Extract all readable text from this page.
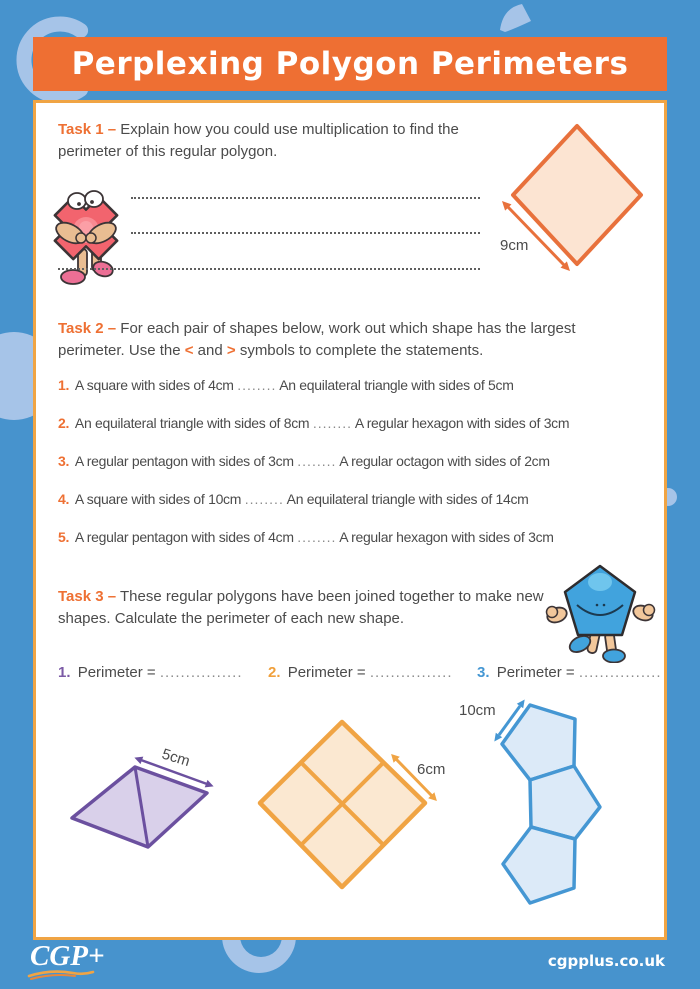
Perplexing Polygon Perimeters
Task 1 – Explain how you could use multiplication to find the perimeter of this regular polygon.
9cm
Task 2 – For each pair of shapes below, work out which shape has the largest perimeter. Use the < and > symbols to complete the statements.
1. A square with sides of 4cm ........ An equilateral triangle with sides of 5cm
2. An equilateral triangle with sides of 8cm ........ A regular hexagon with sides of 3cm
3. A regular pentagon with sides of 3cm ........ A regular octagon with sides of 2cm
4. A square with sides of 10cm ........ An equilateral triangle with sides of 14cm
5. A regular pentagon with sides of 4cm ........ A regular hexagon with sides of 3cm
Task 3 – These regular polygons have been joined together to make new shapes. Calculate the perimeter of each new shape.
1. Perimeter = ................ 2. Perimeter = ................ 3. Perimeter = ................
5cm	6cm
10cm
CGP+	cgpplus.co.uk
